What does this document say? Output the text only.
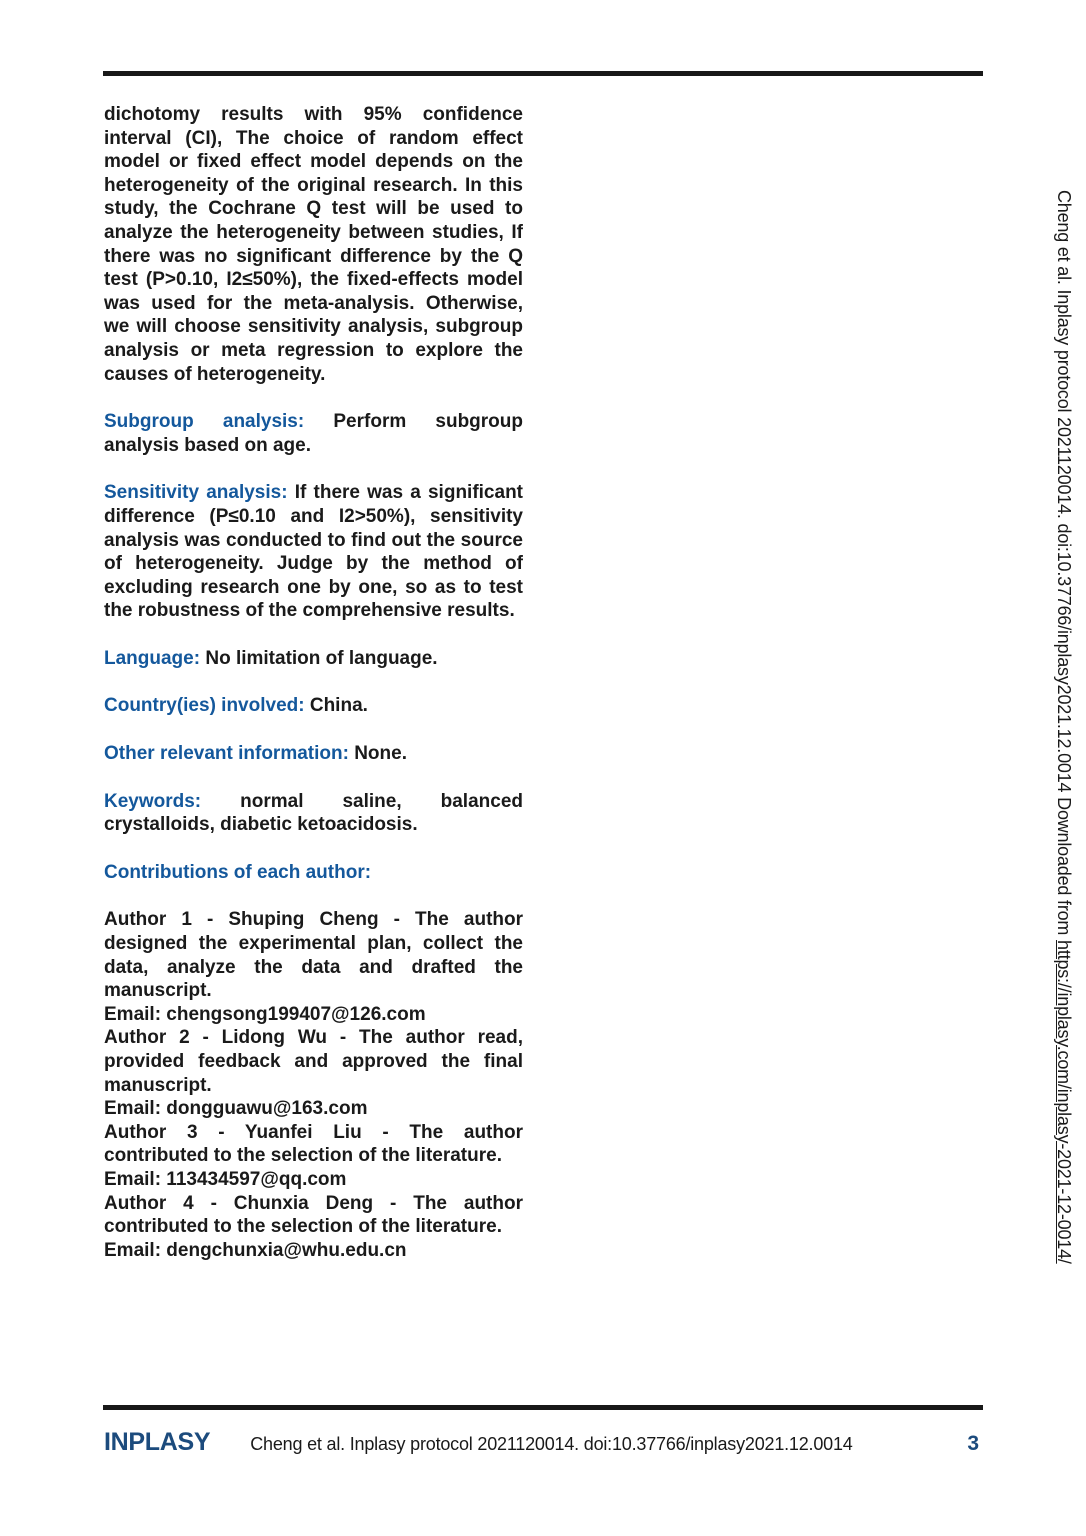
dichotomy results with 95% confidence interval (CI), The choice of random effect model or fixed effect model depends on the heterogeneity of the original research. In this study, the Cochrane Q test will be used to analyze the heterogeneity between studies, If there was no significant difference by the Q test (P>0.10, I2≤50%), the fixed-effects model was used for the meta-analysis. Otherwise, we will choose sensitivity analysis, subgroup analysis or meta regression to explore the causes of heterogeneity.

Subgroup analysis: Perform subgroup analysis based on age.

Sensitivity analysis: If there was a significant difference (P≤0.10 and I2>50%), sensitivity analysis was conducted to find out the source of heterogeneity. Judge by the method of excluding research one by one, so as to test the robustness of the comprehensive results.

Language: No limitation of language.

Country(ies) involved: China.

Other relevant information: None.

Keywords: normal saline, balanced crystalloids, diabetic ketoacidosis.

Contributions of each author:

Author 1 - Shuping Cheng - The author designed the experimental plan, collect the data, analyze the data and drafted the manuscript.

Email: chengsong199407@126.com

Author 2 - Lidong Wu - The author read, provided feedback and approved the final manuscript.

Email: dongguawu@163.com

Author 3 - Yuanfei Liu - The author contributed to the selection of the literature.

Email: 113434597@qq.com

Author 4 - Chunxia Deng - The author contributed to the selection of the literature.

Email: dengchunxia@whu.edu.cn

Cheng et al. Inplasy protocol 2021120014. doi:10.37766/inplasy2021.12.0014 Downloaded from https://inplasy.com/inplasy-2021-12-0014/
INPLASY Cheng et al. Inplasy protocol 2021120014. doi:10.37766/inplasy2021.12.0014	3
